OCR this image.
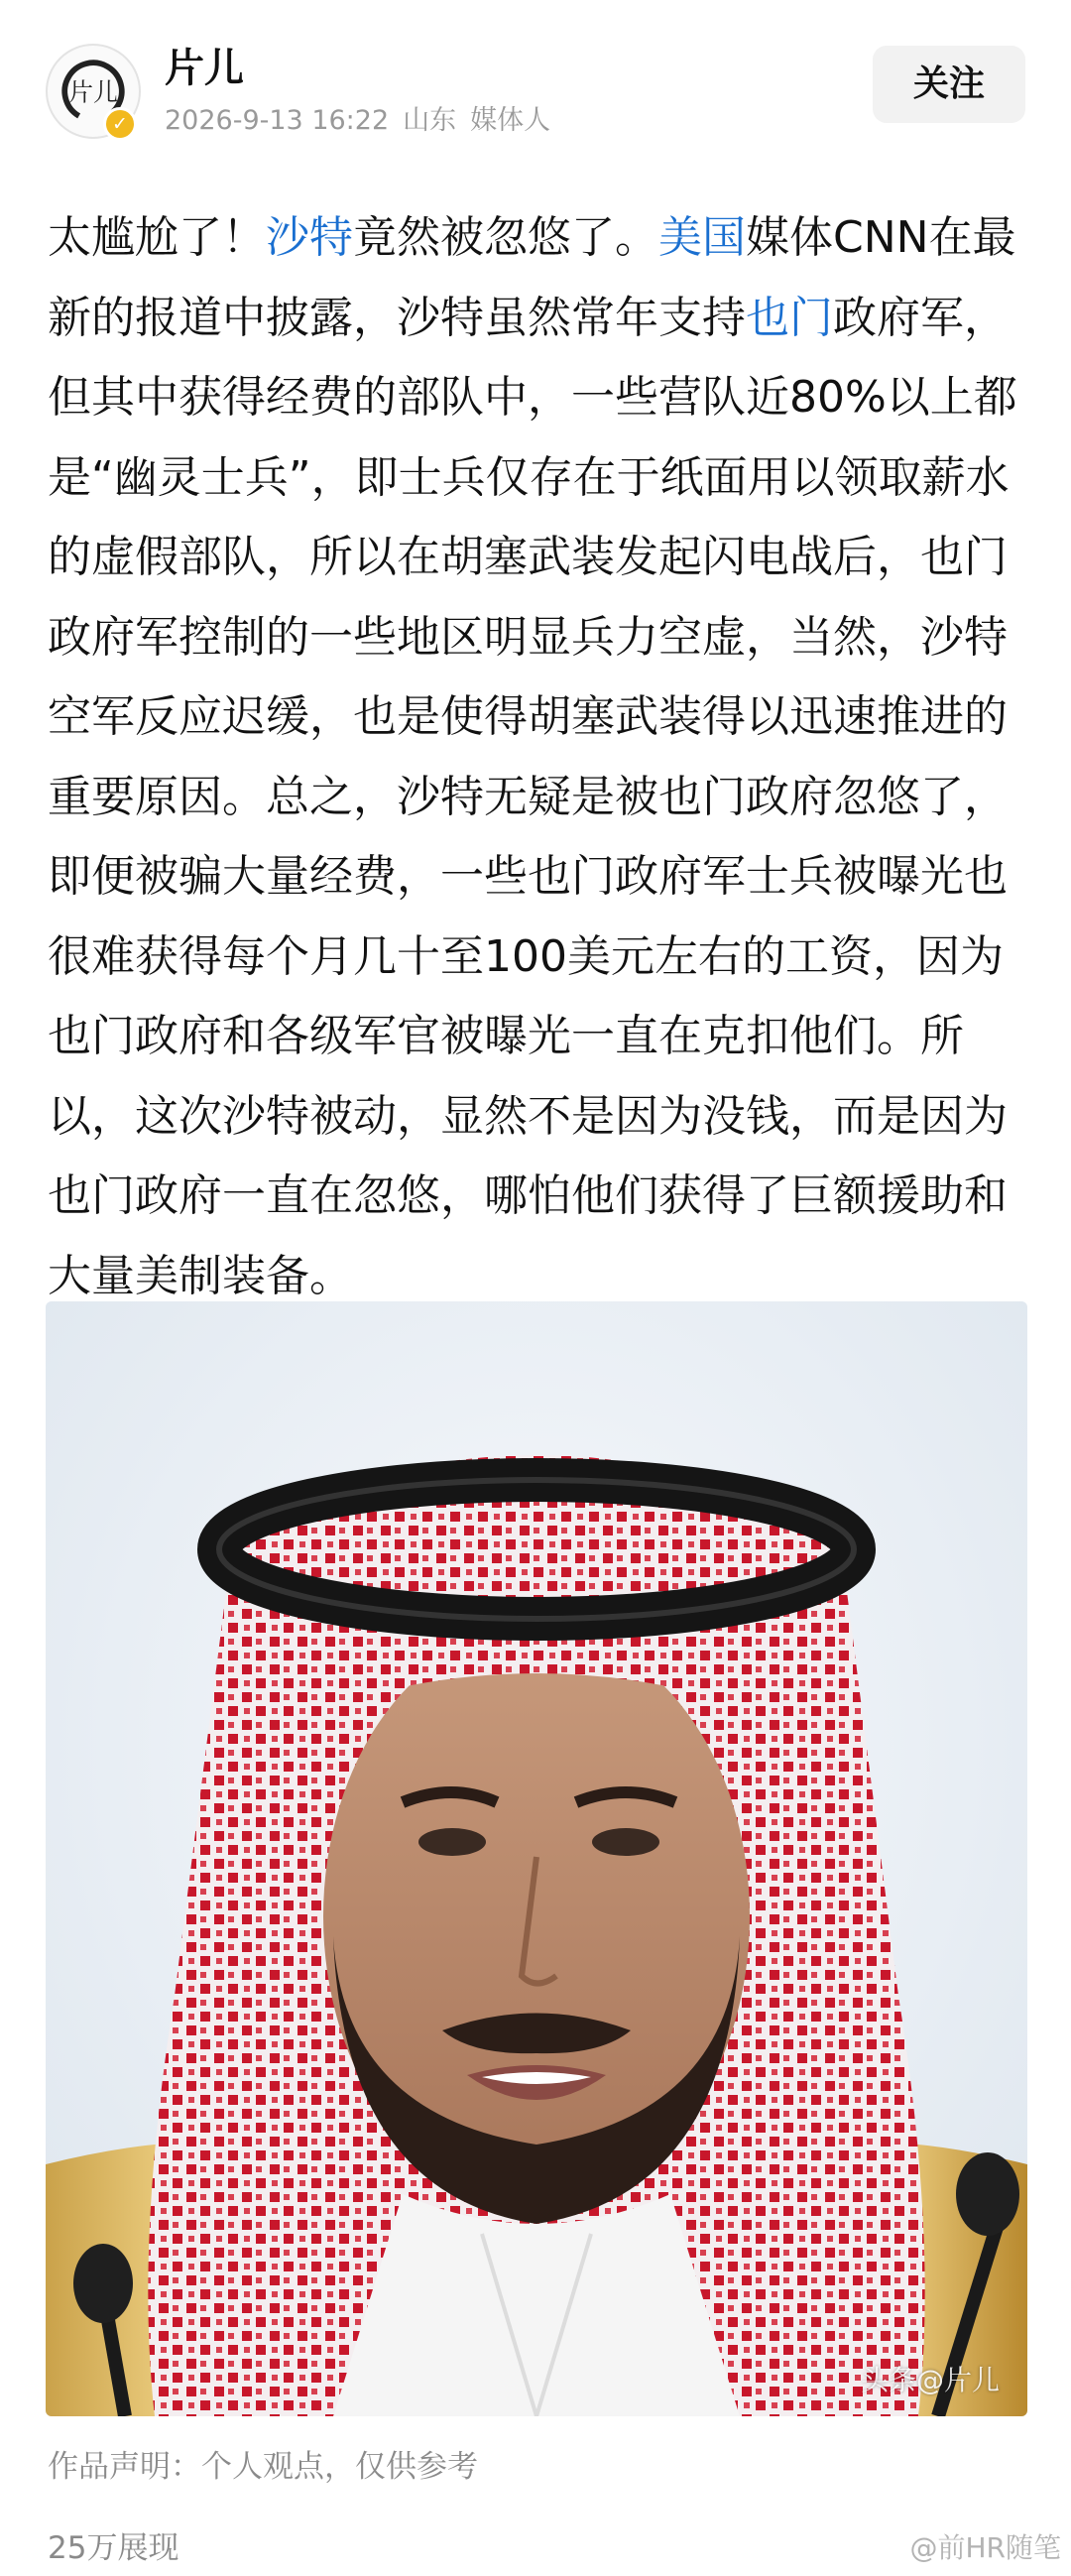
片儿
✓
片儿
2026-9-13 16:22 山东 媒体人
关注
太尴尬了！沙特竟然被忽悠了。美国媒体CNN在最新的报道中披露，沙特虽然常年支持也门政府军，但其中获得经费的部队中，一些营队近80%以上都是“幽灵士兵”，即士兵仅存在于纸面用以领取薪水的虚假部队，所以在胡塞武装发起闪电战后，也门政府军控制的一些地区明显兵力空虚，当然，沙特空军反应迟缓，也是使得胡塞武装得以迅速推进的重要原因。总之，沙特无疑是被也门政府忽悠了，即便被骗大量经费，一些也门政府军士兵被曝光也很难获得每个月几十至100美元左右的工资，因为也门政府和各级军官被曝光一直在克扣他们。所以，这次沙特被动，显然不是因为没钱，而是因为也门政府一直在忽悠，哪怕他们获得了巨额援助和大量美制装备。
头条@片儿
作品声明：个人观点，仅供参考
25万展现	@前HR随笔
